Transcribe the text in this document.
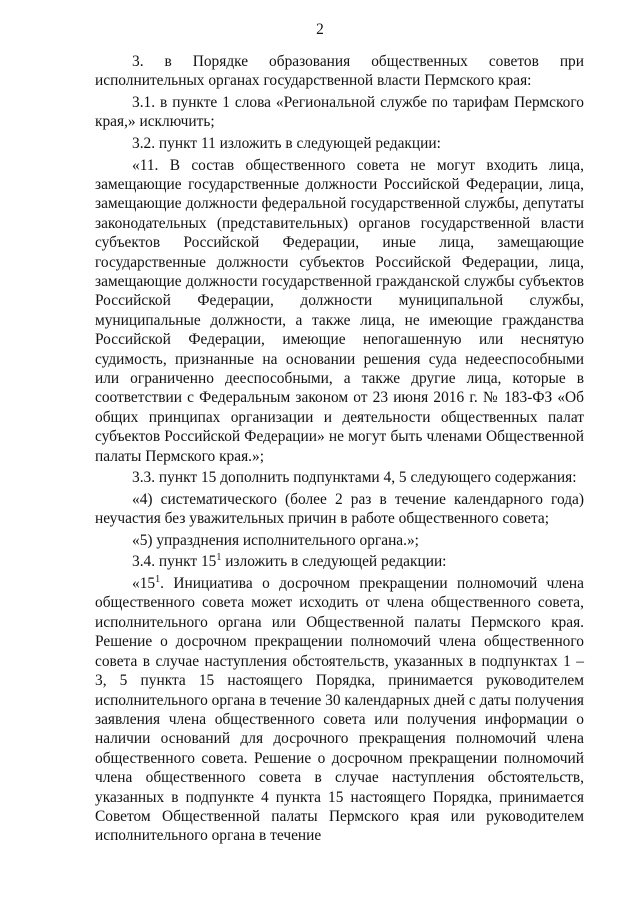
2

3. в Порядке образования общественных советов при исполнительных органах государственной власти Пермского края:

3.1. в пункте 1 слова «Региональной службе по тарифам Пермского края,» исключить;

3.2. пункт 11 изложить в следующей редакции:

«11. В состав общественного совета не могут входить лица, замещающие государственные должности Российской Федерации, лица, замещающие должности федеральной государственной службы, депутаты законодательных (представительных) органов государственной власти субъектов Российской Федерации, иные лица, замещающие государственные должности субъектов Российской Федерации, лица, замещающие должности государственной гражданской службы субъектов Российской Федерации, должности муниципальной службы, муниципальные должности, а также лица, не имеющие гражданства Российской Федерации, имеющие непогашенную или неснятую судимость, признанные на основании решения суда недееспособными или ограниченно дееспособными, а также другие лица, которые в соответствии с Федеральным законом от 23 июня 2016 г. № 183-ФЗ «Об общих принципах организации и деятельности общественных палат субъектов Российской Федерации» не могут быть членами Общественной палаты Пермского края.»;

3.3. пункт 15 дополнить подпунктами 4, 5 следующего содержания:

«4) систематического (более 2 раз в течение календарного года) неучастия без уважительных причин в работе общественного совета;

«5) упразднения исполнительного органа.»;

3.4. пункт $15^1$ изложить в следующей редакции:

«$15^1$. Инициатива о досрочном прекращении полномочий члена общественного совета может исходить от члена общественного совета, исполнительного органа или Общественной палаты Пермского края. Решение о досрочном прекращении полномочий члена общественного совета в случае наступления обстоятельств, указанных в подпунктах 1 – 3, 5 пункта 15 настоящего Порядка, принимается руководителем исполнительного органа в течение 30 календарных дней с даты получения заявления члена общественного совета или получения информации о наличии оснований для досрочного прекращения полномочий члена общественного совета. Решение о досрочном прекращении полномочий члена общественного совета в случае наступления обстоятельств, указанных в подпункте 4 пункта 15 настоящего Порядка, принимается Советом Общественной палаты Пермского края или руководителем исполнительного органа в течение
